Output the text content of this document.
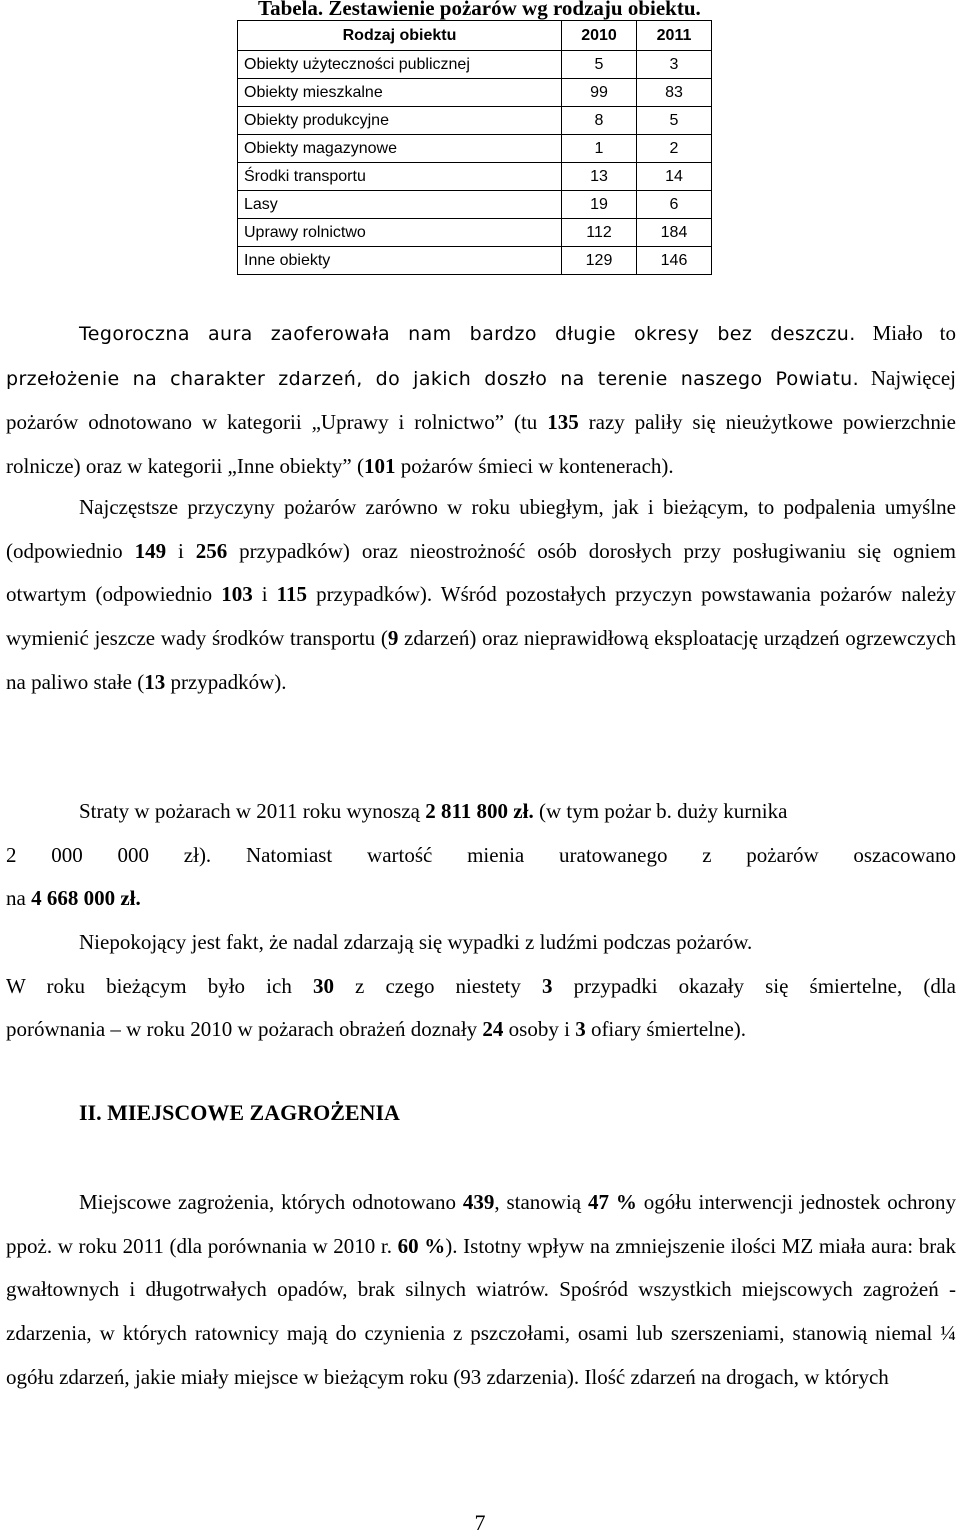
Tabela. Zestawienie pożarów wg rodzaju obiektu.
Rodzaj obiektu	2010	2011
Obiekty użyteczności publicznej	5	3
Obiekty mieszkalne	99	83
Obiekty produkcyjne	8	5
Obiekty magazynowe	1	2
Środki transportu	13	14
Lasy	19	6
Uprawy rolnictwo	112	184
Inne obiekty	129	146
Tegoroczna aura zaoferowała nam bardzo długie okresy bez deszczu. Miało to przełożenie na charakter zdarzeń, do jakich doszło na terenie naszego Powiatu. Najwięcej pożarów odnotowano w kategorii „Uprawy i rolnictwo” (tu 135 razy paliły się nieużytkowe powierzchnie rolnicze) oraz w kategorii „Inne obiekty” (101 pożarów śmieci w kontenerach).
Najczęstsze przyczyny pożarów zarówno w roku ubiegłym, jak i bieżącym, to podpalenia umyślne (odpowiednio 149 i 256 przypadków) oraz nieostrożność osób dorosłych przy posługiwaniu się ogniem otwartym (odpowiednio 103 i 115 przypadków). Wśród pozostałych przyczyn powstawania pożarów należy wymienić jeszcze wady środków transportu (9 zdarzeń) oraz nieprawidłową eksploatację urządzeń ogrzewczych na paliwo stałe (13 przypadków).
Straty w pożarach w 2011 roku wynoszą 2 811 800 zł. (w tym pożar b. duży kurnika
2 000 000 zł). Natomiast wartość mienia uratowanego z pożarów oszacowano
na 4 668 000 zł.
Niepokojący jest fakt, że nadal zdarzają się wypadki z ludźmi podczas pożarów.
W roku bieżącym było ich 30 z czego niestety 3 przypadki okazały się śmiertelne, (dla
porównania – w roku 2010 w pożarach obrażeń doznały 24 osoby i 3 ofiary śmiertelne).
II. MIEJSCOWE ZAGROŻENIA
Miejscowe zagrożenia, których odnotowano 439, stanowią 47 % ogółu interwencji jednostek ochrony ppoż. w roku 2011 (dla porównania w 2010 r. 60 %). Istotny wpływ na zmniejszenie ilości MZ miała aura: brak gwałtownych i długotrwałych opadów, brak silnych wiatrów. Spośród wszystkich miejscowych zagrożeń - zdarzenia, w których ratownicy mają do czynienia z pszczołami, osami lub szerszeniami, stanowią niemal ¼ ogółu zdarzeń, jakie miały miejsce w bieżącym roku (93 zdarzenia). Ilość zdarzeń na drogach, w których
7
